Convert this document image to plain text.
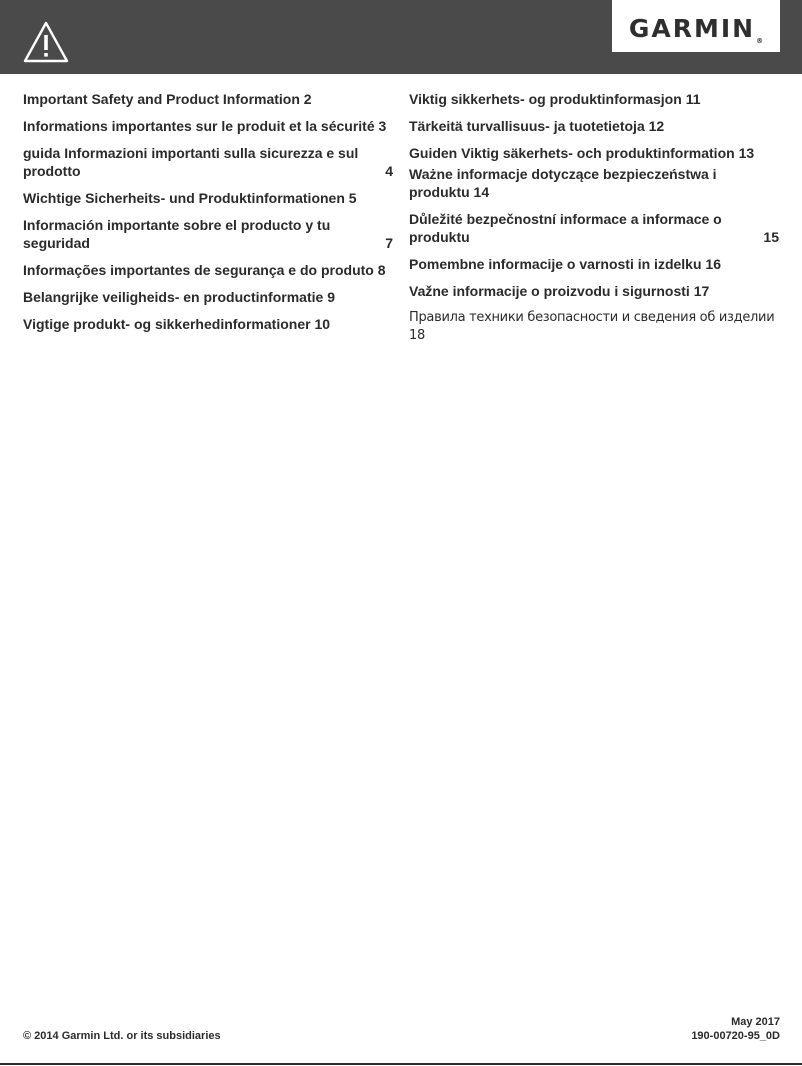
$GARMIN_®$
Important Safety and Product Information 2
Informations importantes sur le produit et la sécurité 3
guida Informazioni importanti sulla sicurezza e sul prodotto	4
Wichtige Sicherheits- und Produktinformationen 5
Información importante sobre el producto y tu seguridad	7
Informações importantes de segurança e do produto 8
Belangrijke veiligheids- en productinformatie 9
Vigtige produkt- og sikkerhedinformationer 10
Viktig sikkerhets- og produktinformasjon 11
Tärkeitä turvallisuus- ja tuotetietoja 12
Guiden Viktig säkerhets- och produktinformation 13
Ważne informacje dotyczące bezpieczeństwa i produktu 14
Důležité bezpečnostní informace a informace o produktu	15
Pomembne informacije o varnosti in izdelku 16
Važne informacije o proizvodu i sigurnosti 17
Правила техники безопасности и сведения об изделии 18
© 2014 Garmin Ltd. or its subsidiaries
May 2017
190-00720-95_0D
